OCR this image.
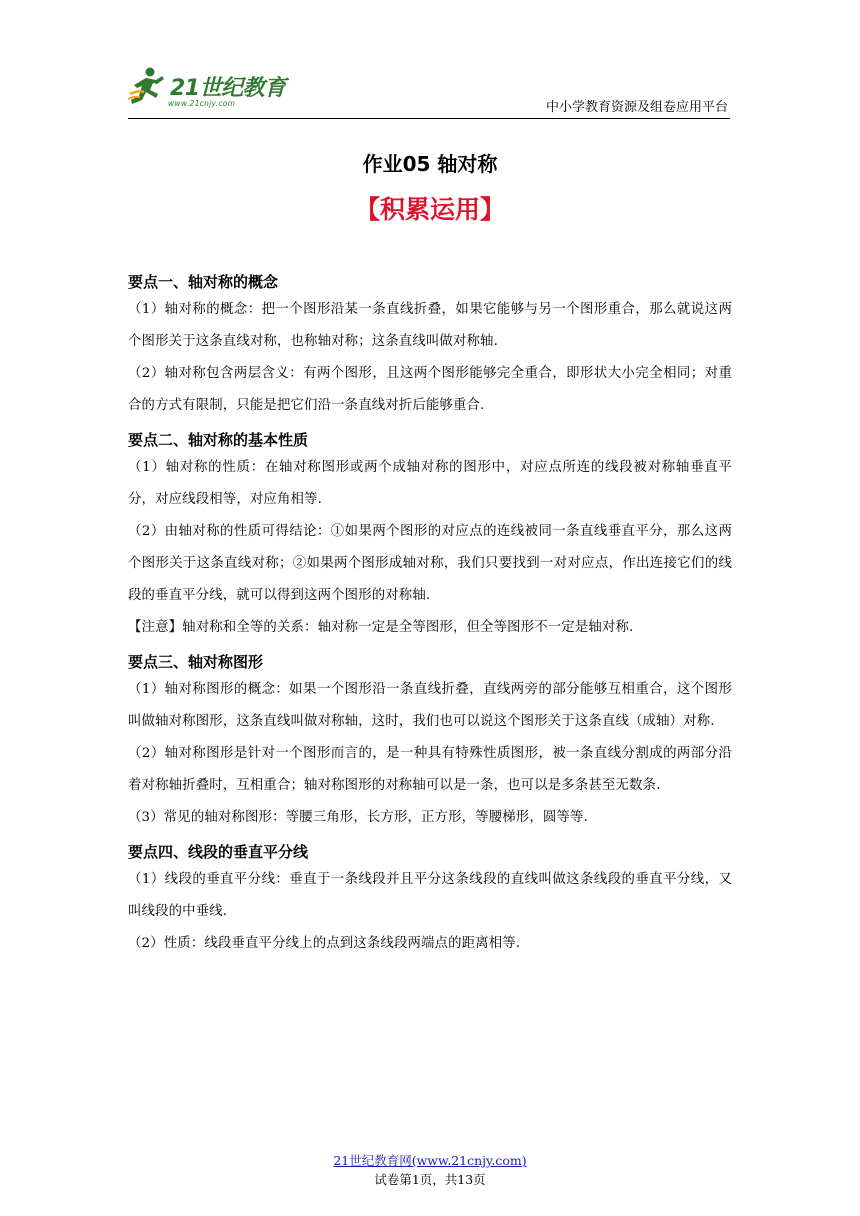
21世纪教育
www.21cnjy.com	中小学教育资源及组卷应用平台
作业05 轴对称
【积累运用】

要点一、轴对称的概念

（1）轴对称的概念：把一个图形沿某一条直线折叠，如果它能够与另一个图形重合，那么就说这两个图形关于这条直线对称，也称轴对称；这条直线叫做对称轴.

（2）轴对称包含两层含义：有两个图形，且这两个图形能够完全重合，即形状大小完全相同；对重合的方式有限制，只能是把它们沿一条直线对折后能够重合.

要点二、轴对称的基本性质

（1）轴对称的性质：在轴对称图形或两个成轴对称的图形中，对应点所连的线段被对称轴垂直平分，对应线段相等，对应角相等.

（2）由轴对称的性质可得结论：①如果两个图形的对应点的连线被同一条直线垂直平分，那么这两个图形关于这条直线对称；②如果两个图形成轴对称，我们只要找到一对对应点，作出连接它们的线段的垂直平分线，就可以得到这两个图形的对称轴.

【注意】轴对称和全等的关系：轴对称一定是全等图形，但全等图形不一定是轴对称.

要点三、轴对称图形

（1）轴对称图形的概念：如果一个图形沿一条直线折叠，直线两旁的部分能够互相重合，这个图形叫做轴对称图形，这条直线叫做对称轴，这时，我们也可以说这个图形关于这条直线（成轴）对称.

（2）轴对称图形是针对一个图形而言的，是一种具有特殊性质图形，被一条直线分割成的两部分沿着对称轴折叠时，互相重合；轴对称图形的对称轴可以是一条，也可以是多条甚至无数条.

（3）常见的轴对称图形：等腰三角形，长方形，正方形，等腰梯形，圆等等.

要点四、线段的垂直平分线

（1）线段的垂直平分线：垂直于一条线段并且平分这条线段的直线叫做这条线段的垂直平分线，又叫线段的中垂线.

（2）性质：线段垂直平分线上的点到这条线段两端点的距离相等.

21世纪教育网(www.21cnjy.com)
试卷第1页，共13页
